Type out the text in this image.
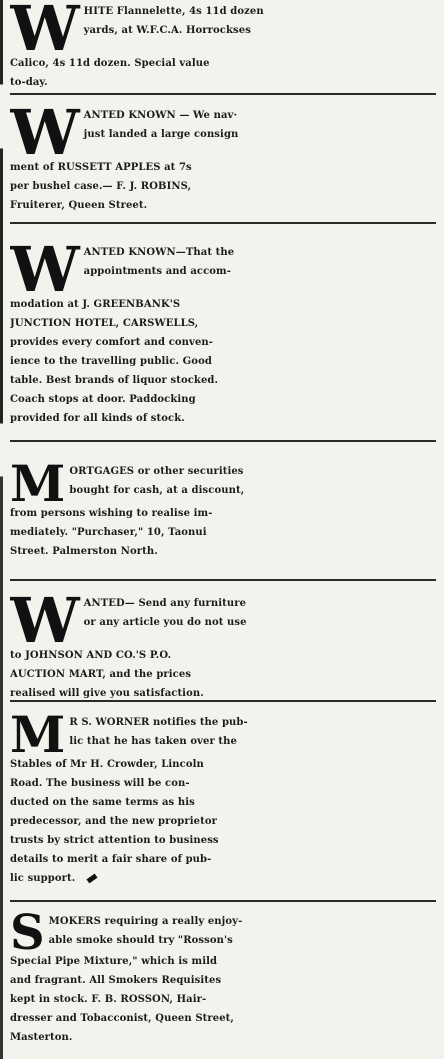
W HITE Flannelette, 4s 11d dozen
yards, at W.F.C.A. Horrockses
Calico, 4s 11d dozen. Special value
to-day.
W ANTED KNOWN — We nav·
just landed a large consign
ment of RUSSETT APPLES at 7s
per bushel case.— F. J. ROBINS,
Fruiterer, Queen Street.
W ANTED KNOWN—That the
appointments and accom-
modation at J. GREENBANK'S
JUNCTION HOTEL, CARSWELLS,
provides every comfort and conven-
ience to the travelling public. Good
table. Best brands of liquor stocked.
Coach stops at door. Paddocking
provided for all kinds of stock.
M ORTGAGES or other securities
bought for cash, at a discount,
from persons wishing to realise im-
mediately. "Purchaser," 10, Taonui
Street. Palmerston North.
W ANTED— Send any furniture
or any article you do not use
to JOHNSON AND CO.'S P.O.
AUCTION MART, and the prices
realised will give you satisfaction.
M R S. WORNER notifies the pub-
lic that he has taken over the
Stables of Mr H. Crowder, Lincoln
Road. The business will be con-
ducted on the same terms as his
predecessor, and the new proprietor
trusts by strict attention to business
details to merit a fair share of pub-
lic support.
S MOKERS requiring a really enjoy-
able smoke should try "Rosson's
Special Pipe Mixture," which is mild
and fragrant. All Smokers Requisites
kept in stock. F. B. ROSSON, Hair-
dresser and Tobacconist, Queen Street,
Masterton.
